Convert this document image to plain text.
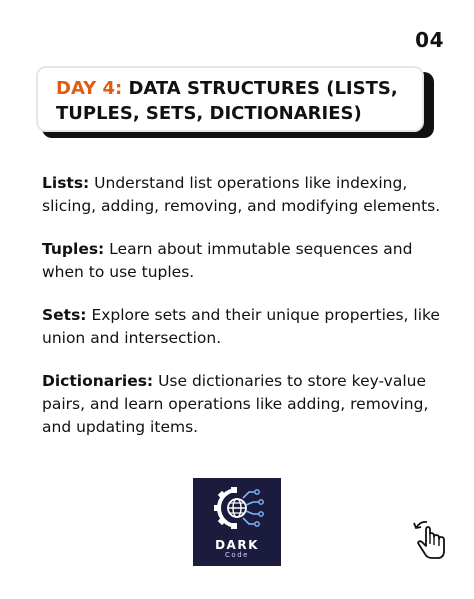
04
DAY 4: DATA STRUCTURES (LISTS,
TUPLES, SETS, DICTIONARIES)

Lists: Understand list operations like indexing, slicing, adding, removing, and modifying elements.

Tuples: Learn about immutable sequences and when to use tuples.

Sets: Explore sets and their unique properties, like union and intersection.

Dictionaries: Use dictionaries to store key-value pairs, and learn operations like adding, removing, and updating items.

DARK
Code
